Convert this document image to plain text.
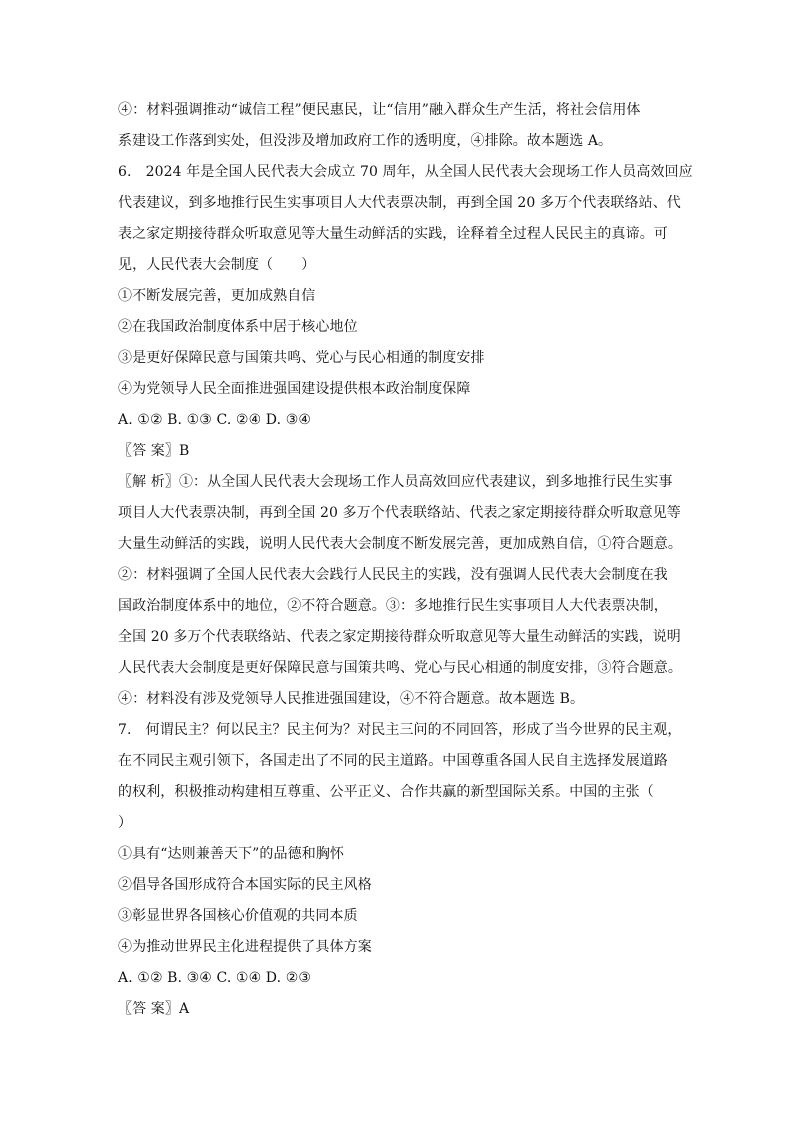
④：材料强调推动“诚信工程”便民惠民，让“信用”融入群众生产生活，将社会信用体
系建设工作落到实处，但没涉及增加政府工作的透明度，④排除。故本题选 A。
6.　2024 年是全国人民代表大会成立 70 周年，从全国人民代表大会现场工作人员高效回应
代表建议，到多地推行民生实事项目人大代表票决制，再到全国 20 多万个代表联络站、代
表之家定期接待群众听取意见等大量生动鲜活的实践，诠释着全过程人民民主的真谛。可
见，人民代表大会制度（　　）
①不断发展完善，更加成熟自信
②在我国政治制度体系中居于核心地位
③是更好保障民意与国策共鸣、党心与民心相通的制度安排
④为党领导人民全面推进强国建设提供根本政治制度保障
A. ①② B. ①③ C. ②④ D. ③④
〖答 案〗B
〖解 析〗①：从全国人民代表大会现场工作人员高效回应代表建议，到多地推行民生实事
项目人大代表票决制，再到全国 20 多万个代表联络站、代表之家定期接待群众听取意见等
大量生动鲜活的实践，说明人民代表大会制度不断发展完善，更加成熟自信，①符合题意。
②：材料强调了全国人民代表大会践行人民民主的实践，没有强调人民代表大会制度在我
国政治制度体系中的地位，②不符合题意。③：多地推行民生实事项目人大代表票决制，
全国 20 多万个代表联络站、代表之家定期接待群众听取意见等大量生动鲜活的实践，说明
人民代表大会制度是更好保障民意与国策共鸣、党心与民心相通的制度安排，③符合题意。
④：材料没有涉及党领导人民推进强国建设，④不符合题意。故本题选 B。
7.　何谓民主？何以民主？民主何为？对民主三问的不同回答，形成了当今世界的民主观，
在不同民主观引领下，各国走出了不同的民主道路。中国尊重各国人民自主选择发展道路
的权利，积极推动构建相互尊重、公平正义、合作共赢的新型国际关系。中国的主张（
）
①具有“达则兼善天下”的品德和胸怀
②倡导各国形成符合本国实际的民主风格
③彰显世界各国核心价值观的共同本质
④为推动世界民主化进程提供了具体方案
A. ①② B. ③④ C. ①④ D. ②③
〖答 案〗A
